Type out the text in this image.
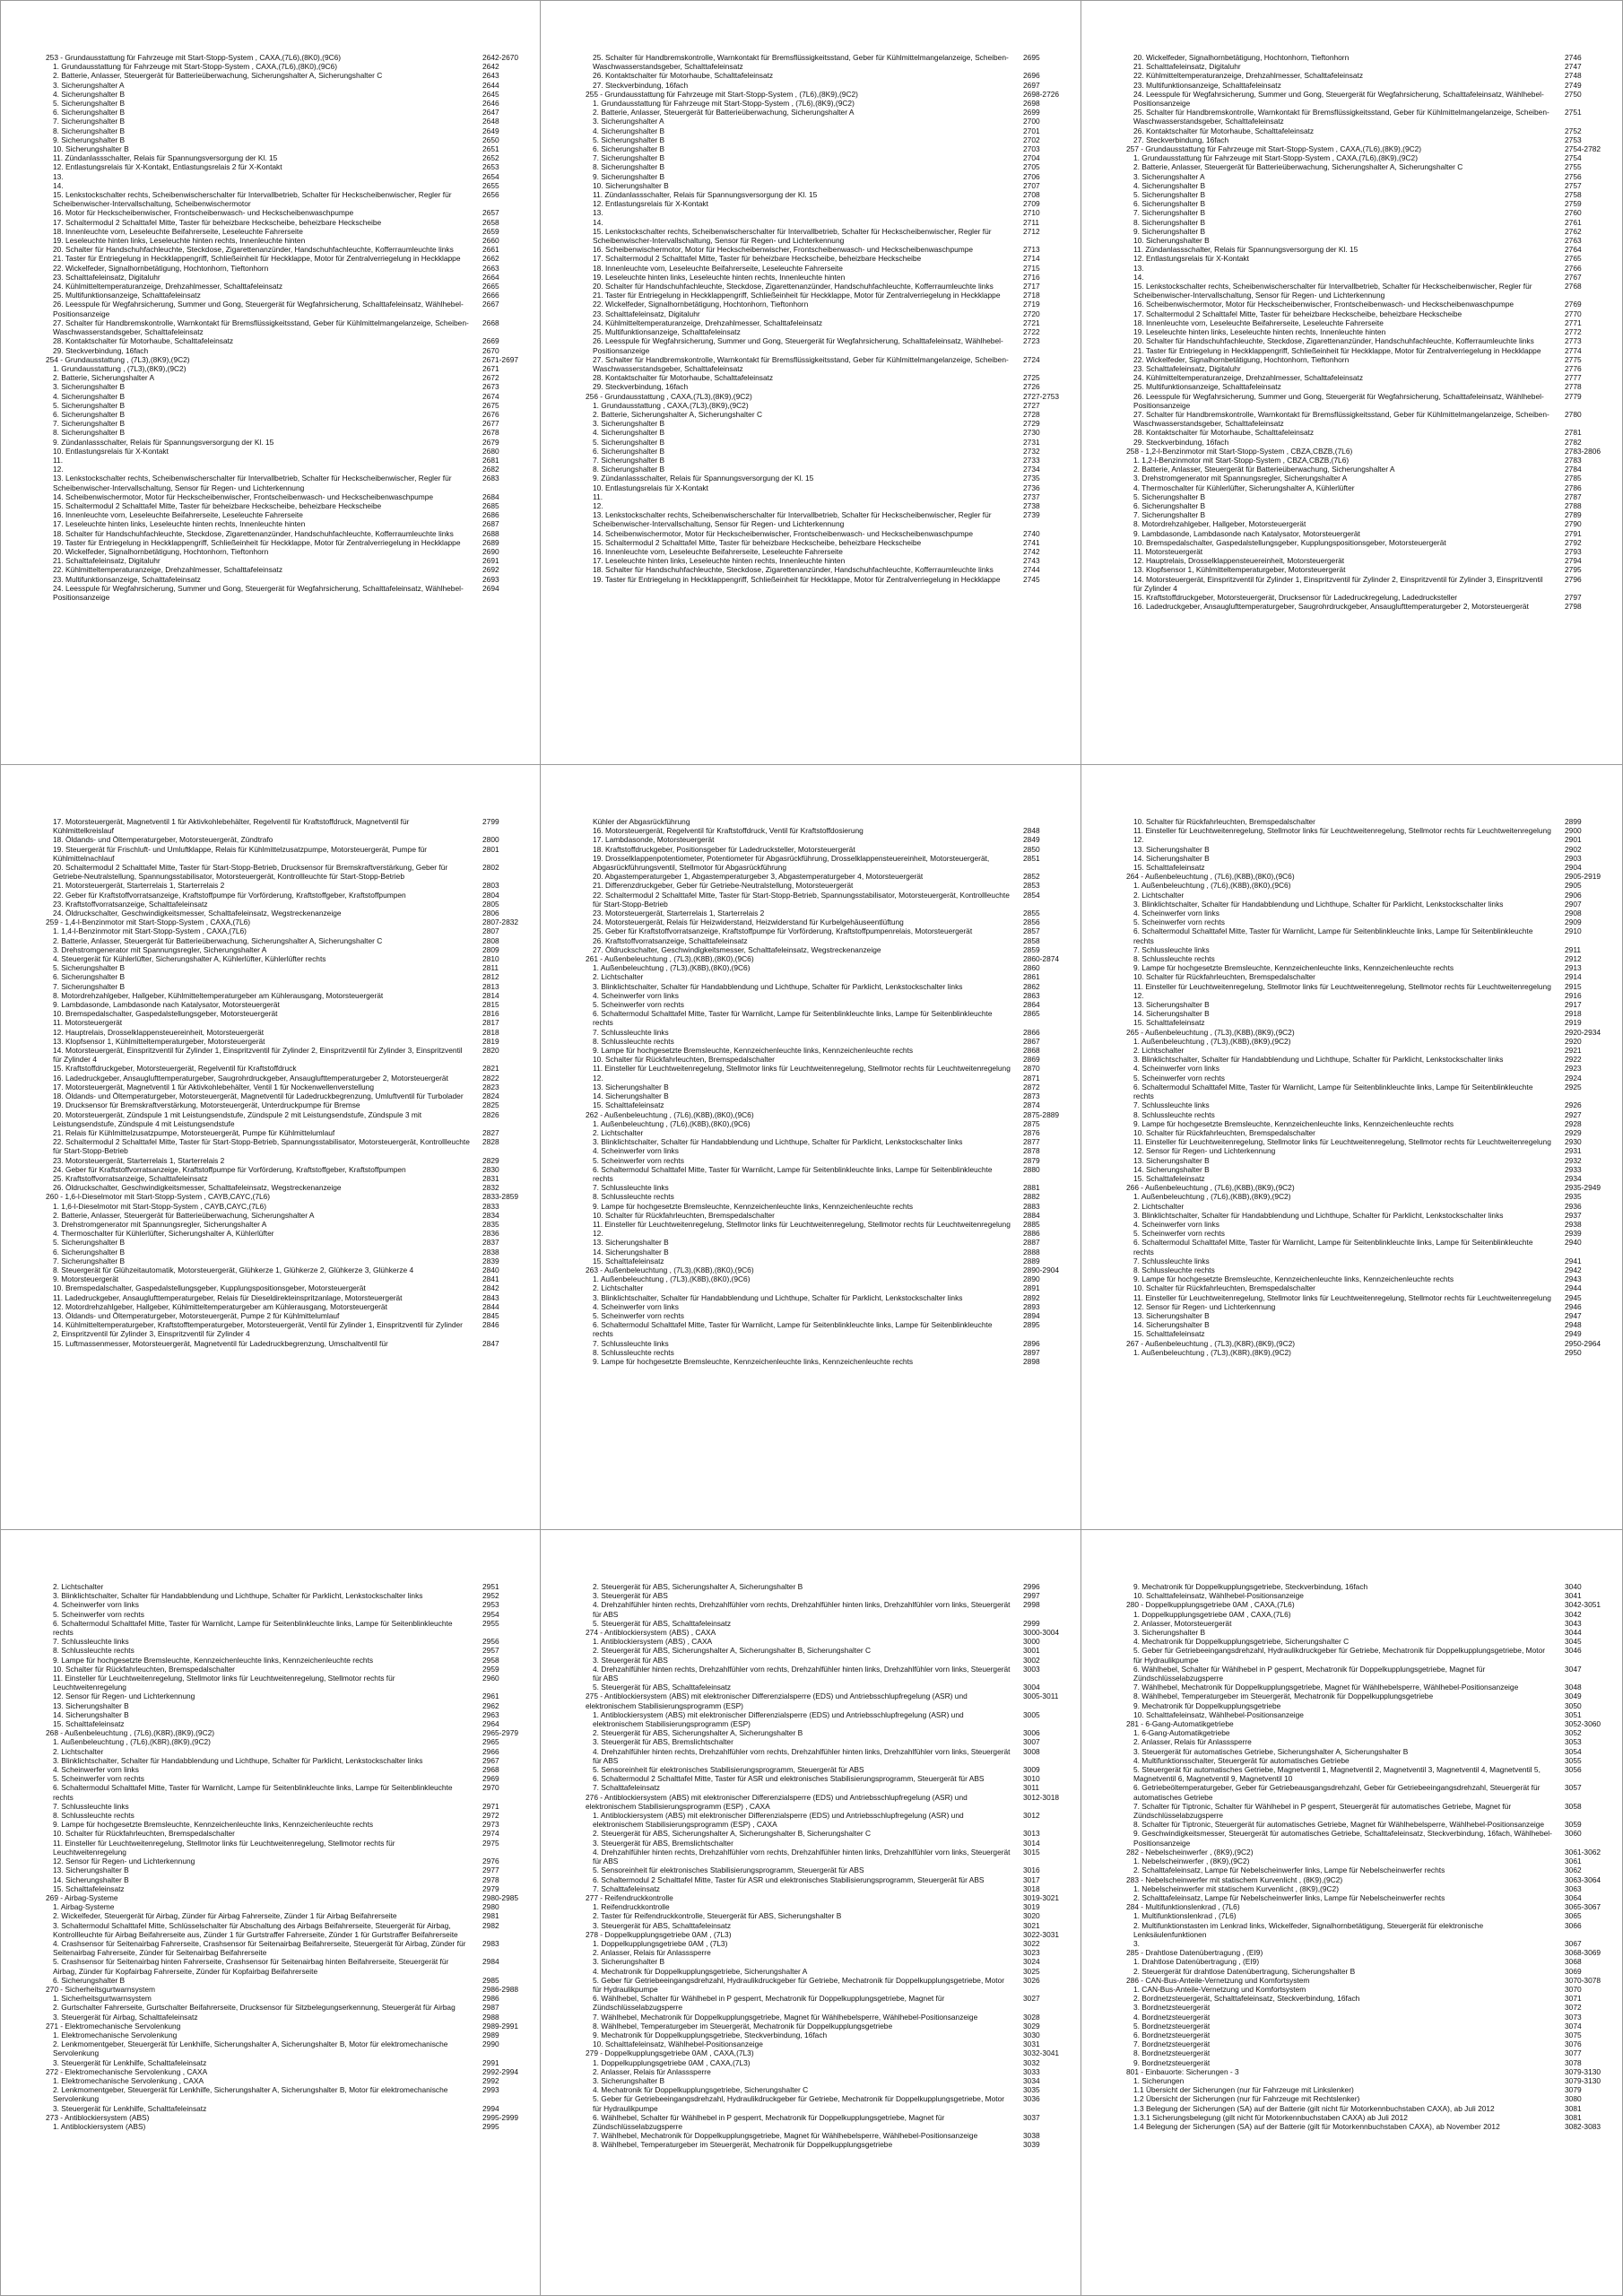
253 - Grundausstattung für Fahrzeuge mit Start-Stopp-System , CAXA,(7L6),(8K0),(9C6)	2642-2670
1. Grundausstattung für Fahrzeuge mit Start-Stopp-System , CAXA,(7L6),(8K0),(9C6)	2642
2. Batterie, Anlasser, Steuergerät für Batterieüberwachung, Sicherungshalter A, Sicherungshalter C	2643
3. Sicherungshalter A	2644
4. Sicherungshalter B	2645
5. Sicherungshalter B	2646
6. Sicherungshalter B	2647
7. Sicherungshalter B	2648
8. Sicherungshalter B	2649
9. Sicherungshalter B	2650
10. Sicherungshalter B	2651
11. Zündanlassschalter, Relais für Spannungsversorgung der Kl. 15	2652
12. Entlastungsrelais für X-Kontakt, Entlastungsrelais 2 für X-Kontakt	2653
13.	2654
14.	2655
15. Lenkstockschalter rechts, Scheibenwischerschalter für Intervallbetrieb, Schalter für Heckscheibenwischer, Regler für Scheibenwischer-Intervallschaltung, Scheibenwischermotor
2656
16. Motor für Heckscheibenwischer, Frontscheibenwasch- und Heckscheibenwaschpumpe	2657
17. Schaltermodul 2 Schalttafel Mitte, Taster für beheizbare Heckscheibe, beheizbare Heckscheibe	2658
18. Innenleuchte vorn, Leseleuchte Beifahrerseite, Leseleuchte Fahrerseite	2659
19. Leseleuchte hinten links, Leseleuchte hinten rechts, Innenleuchte hinten	2660
20. Schalter für Handschuhfachleuchte, Steckdose, Zigarettenanzünder, Handschuhfachleuchte, Kofferraumleuchte links	2661
21. Taster für Entriegelung in Heckklappengriff, Schließeinheit für Heckklappe, Motor für Zentralverriegelung in Heckklappe	2662
22. Wickelfeder, Signalhornbetätigung, Hochtonhorn, Tieftonhorn	2663
23. Schalttafeleinsatz, Digitaluhr	2664
24. Kühlmitteltemperaturanzeige, Drehzahlmesser, Schalttafeleinsatz	2665
25. Multifunktionsanzeige, Schalttafeleinsatz	2666
26. Leesspule für Wegfahrsicherung, Summer und Gong, Steuergerät für Wegfahrsicherung, Schalttafeleinsatz, Wählhebel-Positionsanzeige
2667
27. Schalter für Handbremskontrolle, Warnkontakt für Bremsflüssigkeitsstand, Geber für Kühlmittelmangelanzeige, Scheiben-Waschwasserstandsgeber, Schalttafeleinsatz
2668
28. Kontaktschalter für Motorhaube, Schalttafeleinsatz	2669
29. Steckverbindung, 16fach	2670
254 - Grundausstattung , (7L3),(8K9),(9C2)	2671-2697
1. Grundausstattung , (7L3),(8K9),(9C2)	2671
2. Batterie, Sicherungshalter A	2672
3. Sicherungshalter B	2673
4. Sicherungshalter B	2674
5. Sicherungshalter B	2675
6. Sicherungshalter B	2676
7. Sicherungshalter B	2677
8. Sicherungshalter B	2678
9. Zündanlassschalter, Relais für Spannungsversorgung der Kl. 15	2679
10. Entlastungsrelais für X-Kontakt	2680
11.	2681
12.	2682
13. Lenkstockschalter rechts, Scheibenwischerschalter für Intervallbetrieb, Schalter für Heckscheibenwischer, Regler für Scheibenwischer-Intervallschaltung, Sensor für Regen- und Lichterkennung
2683
14. Scheibenwischermotor, Motor für Heckscheibenwischer, Frontscheibenwasch- und Heckscheibenwaschpumpe	2684
15. Schaltermodul 2 Schalttafel Mitte, Taster für beheizbare Heckscheibe, beheizbare Heckscheibe	2685
16. Innenleuchte vorn, Leseleuchte Beifahrerseite, Leseleuchte Fahrerseite	2686
17. Leseleuchte hinten links, Leseleuchte hinten rechts, Innenleuchte hinten	2687
18. Schalter für Handschuhfachleuchte, Steckdose, Zigarettenanzünder, Handschuhfachleuchte, Kofferraumleuchte links	2688
19. Taster für Entriegelung in Heckklappengriff, Schließeinheit für Heckklappe, Motor für Zentralverriegelung in Heckklappe	2689
20. Wickelfeder, Signalhornbetätigung, Hochtonhorn, Tieftonhorn	2690
21. Schalttafeleinsatz, Digitaluhr	2691
22. Kühlmitteltemperaturanzeige, Drehzahlmesser, Schalttafeleinsatz	2692
23. Multifunktionsanzeige, Schalttafeleinsatz	2693
24. Leesspule für Wegfahrsicherung, Summer und Gong, Steuergerät für Wegfahrsicherung, Schalttafeleinsatz, Wählhebel-Positionsanzeige
2694
25. Schalter für Handbremskontrolle, Warnkontakt für Bremsflüssigkeitsstand, Geber für Kühlmittelmangelanzeige, Scheiben-Waschwasserstandsgeber, Schalttafeleinsatz
2695
26. Kontaktschalter für Motorhaube, Schalttafeleinsatz	2696
27. Steckverbindung, 16fach	2697
255 - Grundausstattung für Fahrzeuge mit Start-Stopp-System , (7L6),(8K9),(9C2)	2698-2726
1. Grundausstattung für Fahrzeuge mit Start-Stopp-System , (7L6),(8K9),(9C2)	2698
2. Batterie, Anlasser, Steuergerät für Batterieüberwachung, Sicherungshalter A	2699
3. Sicherungshalter A	2700
4. Sicherungshalter B	2701
5. Sicherungshalter B	2702
6. Sicherungshalter B	2703
7. Sicherungshalter B	2704
8. Sicherungshalter B	2705
9. Sicherungshalter B	2706
10. Sicherungshalter B	2707
11. Zündanlassschalter, Relais für Spannungsversorgung der Kl. 15	2708
12. Entlastungsrelais für X-Kontakt	2709
13.	2710
14.	2711
15. Lenkstockschalter rechts, Scheibenwischerschalter für Intervallbetrieb, Schalter für Heckscheibenwischer, Regler für Scheibenwischer-Intervallschaltung, Sensor für Regen- und Lichterkennung
2712
16. Scheibenwischermotor, Motor für Heckscheibenwischer, Frontscheibenwasch- und Heckscheibenwaschpumpe	2713
17. Schaltermodul 2 Schalttafel Mitte, Taster für beheizbare Heckscheibe, beheizbare Heckscheibe	2714
18. Innenleuchte vorn, Leseleuchte Beifahrerseite, Leseleuchte Fahrerseite	2715
19. Leseleuchte hinten links, Leseleuchte hinten rechts, Innenleuchte hinten	2716
20. Schalter für Handschuhfachleuchte, Steckdose, Zigarettenanzünder, Handschuhfachleuchte, Kofferraumleuchte links	2717
21. Taster für Entriegelung in Heckklappengriff, Schließeinheit für Heckklappe, Motor für Zentralverriegelung in Heckklappe	2718
22. Wickelfeder, Signalhornbetätigung, Hochtonhorn, Tieftonhorn	2719
23. Schalttafeleinsatz, Digitaluhr	2720
24. Kühlmitteltemperaturanzeige, Drehzahlmesser, Schalttafeleinsatz	2721
25. Multifunktionsanzeige, Schalttafeleinsatz	2722
26. Leesspule für Wegfahrsicherung, Summer und Gong, Steuergerät für Wegfahrsicherung, Schalttafeleinsatz, Wählhebel-Positionsanzeige
2723
27. Schalter für Handbremskontrolle, Warnkontakt für Bremsflüssigkeitsstand, Geber für Kühlmittelmangelanzeige, Scheiben-Waschwasserstandsgeber, Schalttafeleinsatz
2724
28. Kontaktschalter für Motorhaube, Schalttafeleinsatz	2725
29. Steckverbindung, 16fach	2726
256 - Grundausstattung , CAXA,(7L3),(8K9),(9C2)	2727-2753
1. Grundausstattung , CAXA,(7L3),(8K9),(9C2)	2727
2. Batterie, Sicherungshalter A, Sicherungshalter C	2728
3. Sicherungshalter B	2729
4. Sicherungshalter B	2730
5. Sicherungshalter B	2731
6. Sicherungshalter B	2732
7. Sicherungshalter B	2733
8. Sicherungshalter B	2734
9. Zündanlassschalter, Relais für Spannungsversorgung der Kl. 15	2735
10. Entlastungsrelais für X-Kontakt	2736
11.	2737
12.	2738
13. Lenkstockschalter rechts, Scheibenwischerschalter für Intervallbetrieb, Schalter für Heckscheibenwischer, Regler für Scheibenwischer-Intervallschaltung, Sensor für Regen- und Lichterkennung
2739
14. Scheibenwischermotor, Motor für Heckscheibenwischer, Frontscheibenwasch- und Heckscheibenwaschpumpe	2740
15. Schaltermodul 2 Schalttafel Mitte, Taster für beheizbare Heckscheibe, beheizbare Heckscheibe	2741
16. Innenleuchte vorn, Leseleuchte Beifahrerseite, Leseleuchte Fahrerseite	2742
17. Leseleuchte hinten links, Leseleuchte hinten rechts, Innenleuchte hinten	2743
18. Schalter für Handschuhfachleuchte, Steckdose, Zigarettenanzünder, Handschuhfachleuchte, Kofferraumleuchte links	2744
19. Taster für Entriegelung in Heckklappengriff, Schließeinheit für Heckklappe, Motor für Zentralverriegelung in Heckklappe	2745
20. Wickelfeder, Signalhornbetätigung, Hochtonhorn, Tieftonhorn	2746
21. Schalttafeleinsatz, Digitaluhr	2747
22. Kühlmitteltemperaturanzeige, Drehzahlmesser, Schalttafeleinsatz	2748
23. Multifunktionsanzeige, Schalttafeleinsatz	2749
24. Leesspule für Wegfahrsicherung, Summer und Gong, Steuergerät für Wegfahrsicherung, Schalttafeleinsatz, Wählhebel-Positionsanzeige
2750
25. Schalter für Handbremskontrolle, Warnkontakt für Bremsflüssigkeitsstand, Geber für Kühlmittelmangelanzeige, Scheiben-Waschwasserstandsgeber, Schalttafeleinsatz
2751
26. Kontaktschalter für Motorhaube, Schalttafeleinsatz	2752
27. Steckverbindung, 16fach	2753
257 - Grundausstattung für Fahrzeuge mit Start-Stopp-System , CAXA,(7L6),(8K9),(9C2)	2754-2782
1. Grundausstattung für Fahrzeuge mit Start-Stopp-System , CAXA,(7L6),(8K9),(9C2)	2754
2. Batterie, Anlasser, Steuergerät für Batterieüberwachung, Sicherungshalter A, Sicherungshalter C	2755
3. Sicherungshalter A	2756
4. Sicherungshalter B	2757
5. Sicherungshalter B	2758
6. Sicherungshalter B	2759
7. Sicherungshalter B	2760
8. Sicherungshalter B	2761
9. Sicherungshalter B	2762
10. Sicherungshalter B	2763
11. Zündanlassschalter, Relais für Spannungsversorgung der Kl. 15	2764
12. Entlastungsrelais für X-Kontakt	2765
13.	2766
14.	2767
15. Lenkstockschalter rechts, Scheibenwischerschalter für Intervallbetrieb, Schalter für Heckscheibenwischer, Regler für Scheibenwischer-Intervallschaltung, Sensor für Regen- und Lichterkennung
2768
16. Scheibenwischermotor, Motor für Heckscheibenwischer, Frontscheibenwasch- und Heckscheibenwaschpumpe	2769
17. Schaltermodul 2 Schalttafel Mitte, Taster für beheizbare Heckscheibe, beheizbare Heckscheibe	2770
18. Innenleuchte vorn, Leseleuchte Beifahrerseite, Leseleuchte Fahrerseite	2771
19. Leseleuchte hinten links, Leseleuchte hinten rechts, Innenleuchte hinten	2772
20. Schalter für Handschuhfachleuchte, Steckdose, Zigarettenanzünder, Handschuhfachleuchte, Kofferraumleuchte links	2773
21. Taster für Entriegelung in Heckklappengriff, Schließeinheit für Heckklappe, Motor für Zentralverriegelung in Heckklappe	2774
22. Wickelfeder, Signalhornbetätigung, Hochtonhorn, Tieftonhorn	2775
23. Schalttafeleinsatz, Digitaluhr	2776
24. Kühlmitteltemperaturanzeige, Drehzahlmesser, Schalttafeleinsatz	2777
25. Multifunktionsanzeige, Schalttafeleinsatz	2778
26. Leesspule für Wegfahrsicherung, Summer und Gong, Steuergerät für Wegfahrsicherung, Schalttafeleinsatz, Wählhebel-Positionsanzeige
2779
27. Schalter für Handbremskontrolle, Warnkontakt für Bremsflüssigkeitsstand, Geber für Kühlmittelmangelanzeige, Scheiben-Waschwasserstandsgeber, Schalttafeleinsatz
2780
28. Kontaktschalter für Motorhaube, Schalttafeleinsatz	2781
29. Steckverbindung, 16fach	2782
258 - 1,2-l-Benzinmotor mit Start-Stopp-System , CBZA,CBZB,(7L6)	2783-2806
1. 1,2-l-Benzinmotor mit Start-Stopp-System , CBZA,CBZB,(7L6)	2783
2. Batterie, Anlasser, Steuergerät für Batterieüberwachung, Sicherungshalter A	2784
3. Drehstromgenerator mit Spannungsregler, Sicherungshalter A	2785
4. Thermoschalter für Kühlerlüfter, Sicherungshalter A, Kühlerlüfter	2786
5. Sicherungshalter B	2787
6. Sicherungshalter B	2788
7. Sicherungshalter B	2789
8. Motordrehzahlgeber, Hallgeber, Motorsteuergerät	2790
9. Lambdasonde, Lambdasonde nach Katalysator, Motorsteuergerät	2791
10. Bremspedalschalter, Gaspedalstellungsgeber, Kupplungspositionsgeber, Motorsteuergerät	2792
11. Motorsteuergerät	2793
12. Hauptrelais, Drosselklappensteuereinheit, Motorsteuergerät	2794
13. Klopfsensor 1, Kühlmitteltemperaturgeber, Motorsteuergerät	2795
14. Motorsteuergerät, Einspritzventil für Zylinder 1, Einspritzventil für Zylinder 2, Einspritzventil für Zylinder 3, Einspritzventil für Zylinder 4
2796
15. Kraftstoffdruckgeber, Motorsteuergerät, Drucksensor für Ladedruckregelung, Ladedrucksteller	2797
16. Ladedruckgeber, Ansauglufttemperaturgeber, Saugrohrdruckgeber, Ansauglufttemperaturgeber 2, Motorsteuergerät	2798
17. Motorsteuergerät, Magnetventil 1 für Aktivkohlebehälter, Regelventil für Kraftstoffdruck, Magnetventil für Kühlmittelkreislauf
2799
18. Öldands- und Öltemperaturgeber, Motorsteuergerät, Zündtrafo	2800
19. Steuergerät für Frischluft- und Umluftklappe, Relais für Kühlmittelzusatzpumpe, Motorsteuergerät, Pumpe für Kühlmittelnachlauf
2801
20. Schaltermodul 2 Schalttafel Mitte, Taster für Start-Stopp-Betrieb, Drucksensor für Bremskraftverstärkung, Geber für Getriebe-Neutralstellung, Spannungsstabilisator, Motorsteuergerät, Kontrollleuchte für Start-Stopp-Betrieb
2802
21. Motorsteuergerät, Starterrelais 1, Starterrelais 2	2803
22. Geber für Kraftstoffvorratsanzeige, Kraftstoffpumpe für Vorförderung, Kraftstoffgeber, Kraftstoffpumpen	2804
23. Kraftstoffvorratsanzeige, Schalttafeleinsatz	2805
24. Öldruckschalter, Geschwindigkeitsmesser, Schalttafeleinsatz, Wegstreckenanzeige	2806
259 - 1,4-l-Benzinmotor mit Start-Stopp-System , CAXA,(7L6)	2807-2832
1. 1,4-l-Benzinmotor mit Start-Stopp-System , CAXA,(7L6)	2807
2. Batterie, Anlasser, Steuergerät für Batterieüberwachung, Sicherungshalter A, Sicherungshalter C	2808
3. Drehstromgenerator mit Spannungsregler, Sicherungshalter A	2809
4. Steuergerät für Kühlerlüfter, Sicherungshalter A, Kühlerlüfter, Kühlerlüfter rechts	2810
5. Sicherungshalter B	2811
6. Sicherungshalter B	2812
7. Sicherungshalter B	2813
8. Motordrehzahlgeber, Hallgeber, Kühlmitteltemperaturgeber am Kühlerausgang, Motorsteuergerät	2814
9. Lambdasonde, Lambdasonde nach Katalysator, Motorsteuergerät	2815
10. Bremspedalschalter, Gaspedalstellungsgeber, Motorsteuergerät	2816
11. Motorsteuergerät	2817
12. Hauptrelais, Drosselklappensteuereinheit, Motorsteuergerät	2818
13. Klopfsensor 1, Kühlmitteltemperaturgeber, Motorsteuergerät	2819
14. Motorsteuergerät, Einspritzventil für Zylinder 1, Einspritzventil für Zylinder 2, Einspritzventil für Zylinder 3, Einspritzventil für Zylinder 4
2820
15. Kraftstoffdruckgeber, Motorsteuergerät, Regelventil für Kraftstoffdruck	2821
16. Ladedruckgeber, Ansauglufttemperaturgeber, Saugrohrdruckgeber, Ansauglufttemperaturgeber 2, Motorsteuergerät	2822
17. Motorsteuergerät, Magnetventil 1 für Aktivkohlebehälter, Ventil 1 für Nockenwellenverstellung	2823
18. Öldands- und Öltemperaturgeber, Motorsteuergerät, Magnetventil für Ladedruckbegrenzung, Umluftventil für Turbolader	2824
19. Drucksensor für Bremskraftverstärkung, Motorsteuergerät, Unterdruckpumpe für Bremse	2825
20. Motorsteuergerät, Zündspule 1 mit Leistungsendstufe, Zündspule 2 mit Leistungsendstufe, Zündspule 3 mit Leistungsendstufe, Zündspule 4 mit Leistungsendstufe
2826
21. Relais für Kühlmittelzusatzpumpe, Motorsteuergerät, Pumpe für Kühlmittelumlauf	2827
22. Schaltermodul 2 Schalttafel Mitte, Taster für Start-Stopp-Betrieb, Spannungsstabilisator, Motorsteuergerät, Kontrollleuchte für Start-Stopp-Betrieb
2828
23. Motorsteuergerät, Starterrelais 1, Starterrelais 2	2829
24. Geber für Kraftstoffvorratsanzeige, Kraftstoffpumpe für Vorförderung, Kraftstoffgeber, Kraftstoffpumpen	2830
25. Kraftstoffvorratsanzeige, Schalttafeleinsatz	2831
26. Öldruckschalter, Geschwindigkeitsmesser, Schalttafeleinsatz, Wegstreckenanzeige	2832
260 - 1,6-l-Dieselmotor mit Start-Stopp-System , CAYB,CAYC,(7L6)	2833-2859
1. 1,6-l-Dieselmotor mit Start-Stopp-System , CAYB,CAYC,(7L6)	2833
2. Batterie, Anlasser, Steuergerät für Batterieüberwachung, Sicherungshalter A	2834
3. Drehstromgenerator mit Spannungsregler, Sicherungshalter A	2835
4. Thermoschalter für Kühlerlüfter, Sicherungshalter A, Kühlerlüfter	2836
5. Sicherungshalter B	2837
6. Sicherungshalter B	2838
7. Sicherungshalter B	2839
8. Steuergerät für Glühzeitautomatik, Motorsteuergerät, Glühkerze 1, Glühkerze 2, Glühkerze 3, Glühkerze 4	2840
9. Motorsteuergerät	2841
10. Bremspedalschalter, Gaspedalstellungsgeber, Kupplungspositionsgeber, Motorsteuergerät	2842
11. Ladedruckgeber, Ansauglufttemperaturgeber, Relais für Dieseldirekteinspritzanlage, Motorsteuergerät	2843
12. Motordrehzahlgeber, Hallgeber, Kühlmitteltemperaturgeber am Kühlerausgang, Motorsteuergerät	2844
13. Öldands- und Öltemperaturgeber, Motorsteuergerät, Pumpe 2 für Kühlmittelumlauf	2845
14. Kühlmitteltemperaturgeber, Kraftstofftemperaturgeber, Motorsteuergerät, Ventil für Zylinder 1, Einspritzventil für Zylinder 2, Einspritzventil für Zylinder 3, Einspritzventil für Zylinder 4
2846
15. Luftmassenmesser, Motorsteuergerät, Magnetventil für Ladedruckbegrenzung, Umschaltventil für	2847
Kühler der Abgasrückführung
16. Motorsteuergerät, Regelventil für Kraftstoffdruck, Ventil für Kraftstoffdosierung	2848
17. Lambdasonde, Motorsteuergerät	2849
18. Kraftstoffdruckgeber, Positionsgeber für Ladedrucksteller, Motorsteuergerät	2850
19. Drosselklappenpotentiometer, Potentiometer für Abgasrückführung, Drosselklappensteuereinheit, Motorsteuergerät, Abgasrückführungsventil, Stellmotor für Abgasrückführung
2851
20. Abgastemperaturgeber 1, Abgastemperaturgeber 3, Abgastemperaturgeber 4, Motorsteuergerät	2852
21. Differenzdruckgeber, Geber für Getriebe-Neutralstellung, Motorsteuergerät	2853
22. Schaltermodul 2 Schalttafel Mitte, Taster für Start-Stopp-Betrieb, Spannungsstabilisator, Motorsteuergerät, Kontrollleuchte für Start-Stopp-Betrieb
2854
23. Motorsteuergerät, Starterrelais 1, Starterrelais 2	2855
24. Motorsteuergerät, Relais für Heizwiderstand, Heizwiderstand für Kurbelgehäuseentlüftung	2856
25. Geber für Kraftstoffvorratsanzeige, Kraftstoffpumpe für Vorförderung, Kraftstoffpumpenrelais, Motorsteuergerät	2857
26. Kraftstoffvorratsanzeige, Schalttafeleinsatz	2858
27. Öldruckschalter, Geschwindigkeitsmesser, Schalttafeleinsatz, Wegstreckenanzeige	2859
261 - Außenbeleuchtung , (7L3),(K8B),(8K0),(9C6)	2860-2874
1. Außenbeleuchtung , (7L3),(K8B),(8K0),(9C6)	2860
2. Lichtschalter	2861
3. Blinklichtschalter, Schalter für Handabblendung und Lichthupe, Schalter für Parklicht, Lenkstockschalter links	2862
4. Scheinwerfer vorn links	2863
5. Scheinwerfer vorn rechts	2864
6. Schaltermodul Schalttafel Mitte, Taster für Warnlicht, Lampe für Seitenblinkleuchte links, Lampe für Seitenblinkleuchte rechts
2865
7. Schlussleuchte links	2866
8. Schlussleuchte rechts	2867
9. Lampe für hochgesetzte Bremsleuchte, Kennzeichenleuchte links, Kennzeichenleuchte rechts	2868
10. Schalter für Rückfahrleuchten, Bremspedalschalter	2869
11. Einsteller für Leuchtweitenregelung, Stellmotor links für Leuchtweitenregelung, Stellmotor rechts für Leuchtweitenregelung	2870
12.	2871
13. Sicherungshalter B	2872
14. Sicherungshalter B	2873
15. Schalttafeleinsatz	2874
262 - Außenbeleuchtung , (7L6),(K8B),(8K0),(9C6)	2875-2889
1. Außenbeleuchtung , (7L6),(K8B),(8K0),(9C6)	2875
2. Lichtschalter	2876
3. Blinklichtschalter, Schalter für Handabblendung und Lichthupe, Schalter für Parklicht, Lenkstockschalter links	2877
4. Scheinwerfer vorn links	2878
5. Scheinwerfer vorn rechts	2879
6. Schaltermodul Schalttafel Mitte, Taster für Warnlicht, Lampe für Seitenblinkleuchte links, Lampe für Seitenblinkleuchte rechts
2880
7. Schlussleuchte links	2881
8. Schlussleuchte rechts	2882
9. Lampe für hochgesetzte Bremsleuchte, Kennzeichenleuchte links, Kennzeichenleuchte rechts	2883
10. Schalter für Rückfahrleuchten, Bremspedalschalter	2884
11. Einsteller für Leuchtweitenregelung, Stellmotor links für Leuchtweitenregelung, Stellmotor rechts für Leuchtweitenregelung	2885
12.	2886
13. Sicherungshalter B	2887
14. Sicherungshalter B	2888
15. Schalttafeleinsatz	2889
263 - Außenbeleuchtung , (7L3),(K8B),(8K0),(9C6)	2890-2904
1. Außenbeleuchtung , (7L3),(K8B),(8K0),(9C6)	2890
2. Lichtschalter	2891
3. Blinklichtschalter, Schalter für Handabblendung und Lichthupe, Schalter für Parklicht, Lenkstockschalter links	2892
4. Scheinwerfer vorn links	2893
5. Scheinwerfer vorn rechts	2894
6. Schaltermodul Schalttafel Mitte, Taster für Warnlicht, Lampe für Seitenblinkleuchte links, Lampe für Seitenblinkleuchte rechts
2895
7. Schlussleuchte links	2896
8. Schlussleuchte rechts	2897
9. Lampe für hochgesetzte Bremsleuchte, Kennzeichenleuchte links, Kennzeichenleuchte rechts	2898
10. Schalter für Rückfahrleuchten, Bremspedalschalter	2899
11. Einsteller für Leuchtweitenregelung, Stellmotor links für Leuchtweitenregelung, Stellmotor rechts für Leuchtweitenregelung	2900
12.	2901
13. Sicherungshalter B	2902
14. Sicherungshalter B	2903
15. Schalttafeleinsatz	2904
264 - Außenbeleuchtung , (7L6),(K8B),(8K0),(9C6)	2905-2919
1. Außenbeleuchtung , (7L6),(K8B),(8K0),(9C6)	2905
2. Lichtschalter	2906
3. Blinklichtschalter, Schalter für Handabblendung und Lichthupe, Schalter für Parklicht, Lenkstockschalter links	2907
4. Scheinwerfer vorn links	2908
5. Scheinwerfer vorn rechts	2909
6. Schaltermodul Schalttafel Mitte, Taster für Warnlicht, Lampe für Seitenblinkleuchte links, Lampe für Seitenblinkleuchte rechts
2910
7. Schlussleuchte links	2911
8. Schlussleuchte rechts	2912
9. Lampe für hochgesetzte Bremsleuchte, Kennzeichenleuchte links, Kennzeichenleuchte rechts	2913
10. Schalter für Rückfahrleuchten, Bremspedalschalter	2914
11. Einsteller für Leuchtweitenregelung, Stellmotor links für Leuchtweitenregelung, Stellmotor rechts für Leuchtweitenregelung	2915
12.	2916
13. Sicherungshalter B	2917
14. Sicherungshalter B	2918
15. Schalttafeleinsatz	2919
265 - Außenbeleuchtung , (7L3),(K8B),(8K9),(9C2)	2920-2934
1. Außenbeleuchtung , (7L3),(K8B),(8K9),(9C2)	2920
2. Lichtschalter	2921
3. Blinklichtschalter, Schalter für Handabblendung und Lichthupe, Schalter für Parklicht, Lenkstockschalter links	2922
4. Scheinwerfer vorn links	2923
5. Scheinwerfer vorn rechts	2924
6. Schaltermodul Schalttafel Mitte, Taster für Warnlicht, Lampe für Seitenblinkleuchte links, Lampe für Seitenblinkleuchte rechts
2925
7. Schlussleuchte links	2926
8. Schlussleuchte rechts	2927
9. Lampe für hochgesetzte Bremsleuchte, Kennzeichenleuchte links, Kennzeichenleuchte rechts	2928
10. Schalter für Rückfahrleuchten, Bremspedalschalter	2929
11. Einsteller für Leuchtweitenregelung, Stellmotor links für Leuchtweitenregelung, Stellmotor rechts für Leuchtweitenregelung	2930
12. Sensor für Regen- und Lichterkennung	2931
13. Sicherungshalter B	2932
14. Sicherungshalter B	2933
15. Schalttafeleinsatz	2934
266 - Außenbeleuchtung , (7L6),(K8B),(8K9),(9C2)	2935-2949
1. Außenbeleuchtung , (7L6),(K8B),(8K9),(9C2)	2935
2. Lichtschalter	2936
3. Blinklichtschalter, Schalter für Handabblendung und Lichthupe, Schalter für Parklicht, Lenkstockschalter links	2937
4. Scheinwerfer vorn links	2938
5. Scheinwerfer vorn rechts	2939
6. Schaltermodul Schalttafel Mitte, Taster für Warnlicht, Lampe für Seitenblinkleuchte links, Lampe für Seitenblinkleuchte rechts
2940
7. Schlussleuchte links	2941
8. Schlussleuchte rechts	2942
9. Lampe für hochgesetzte Bremsleuchte, Kennzeichenleuchte links, Kennzeichenleuchte rechts	2943
10. Schalter für Rückfahrleuchten, Bremspedalschalter	2944
11. Einsteller für Leuchtweitenregelung, Stellmotor links für Leuchtweitenregelung, Stellmotor rechts für Leuchtweitenregelung	2945
12. Sensor für Regen- und Lichterkennung	2946
13. Sicherungshalter B	2947
14. Sicherungshalter B	2948
15. Schalttafeleinsatz	2949
267 - Außenbeleuchtung , (7L3),(K8R),(8K9),(9C2)	2950-2964
1. Außenbeleuchtung , (7L3),(K8R),(8K9),(9C2)	2950
2. Lichtschalter	2951
3. Blinklichtschalter, Schalter für Handabblendung und Lichthupe, Schalter für Parklicht, Lenkstockschalter links	2952
4. Scheinwerfer vorn links	2953
5. Scheinwerfer vorn rechts	2954
6. Schaltermodul Schalttafel Mitte, Taster für Warnlicht, Lampe für Seitenblinkleuchte links, Lampe für Seitenblinkleuchte rechts
2955
7. Schlussleuchte links	2956
8. Schlussleuchte rechts	2957
9. Lampe für hochgesetzte Bremsleuchte, Kennzeichenleuchte links, Kennzeichenleuchte rechts	2958
10. Schalter für Rückfahrleuchten, Bremspedalschalter	2959
11. Einsteller für Leuchtweitenregelung, Stellmotor links für Leuchtweitenregelung, Stellmotor rechts für Leuchtweitenregelung
2960
12. Sensor für Regen- und Lichterkennung	2961
13. Sicherungshalter B	2962
14. Sicherungshalter B	2963
15. Schalttafeleinsatz	2964
268 - Außenbeleuchtung , (7L6),(K8R),(8K9),(9C2)	2965-2979
1. Außenbeleuchtung , (7L6),(K8R),(8K9),(9C2)	2965
2. Lichtschalter	2966
3. Blinklichtschalter, Schalter für Handabblendung und Lichthupe, Schalter für Parklicht, Lenkstockschalter links	2967
4. Scheinwerfer vorn links	2968
5. Scheinwerfer vorn rechts	2969
6. Schaltermodul Schalttafel Mitte, Taster für Warnlicht, Lampe für Seitenblinkleuchte links, Lampe für Seitenblinkleuchte rechts
2970
7. Schlussleuchte links	2971
8. Schlussleuchte rechts	2972
9. Lampe für hochgesetzte Bremsleuchte, Kennzeichenleuchte links, Kennzeichenleuchte rechts	2973
10. Schalter für Rückfahrleuchten, Bremspedalschalter	2974
11. Einsteller für Leuchtweitenregelung, Stellmotor links für Leuchtweitenregelung, Stellmotor rechts für Leuchtweitenregelung
2975
12. Sensor für Regen- und Lichterkennung	2976
13. Sicherungshalter B	2977
14. Sicherungshalter B	2978
15. Schalttafeleinsatz	2979
269 - Airbag-Systeme	2980-2985
1. Airbag-Systeme	2980
2. Wickelfeder, Steuergerät für Airbag, Zünder für Airbag Fahrerseite, Zünder 1 für Airbag Beifahrerseite	2981
3. Schaltermodul Schalttafel Mitte, Schlüsselschalter für Abschaltung des Airbags Beifahrerseite, Steuergerät für Airbag, Kontrollleuchte für Airbag Beifahrerseite aus, Zünder 1 für Gurtstraffer Fahrerseite, Zünder 1 für Gurtstraffer Beifahrerseite
2982
4. Crashsensor für Seitenairbag Fahrerseite, Crashsensor für Seitenairbag Beifahrerseite, Steuergerät für Airbag, Zünder für Seitenairbag Fahrerseite, Zünder für Seitenairbag Beifahrerseite
2983
5. Crashsensor für Seitenairbag hinten Fahrerseite, Crashsensor für Seitenairbag hinten Beifahrerseite, Steuergerät für Airbag, Zünder für Kopfairbag Fahrerseite, Zünder für Kopfairbag Beifahrerseite
2984
6. Sicherungshalter B	2985
270 - Sicherheitsgurtwarnsystem	2986-2988
1. Sicherheitsgurtwarnsystem	2986
2. Gurtschalter Fahrerseite, Gurtschalter Beifahrerseite, Drucksensor für Sitzbelegungserkennung, Steuergerät für Airbag	2987
3. Steuergerät für Airbag, Schalttafeleinsatz	2988
271 - Elektromechanische Servolenkung	2989-2991
1. Elektromechanische Servolenkung	2989
2. Lenkmomentgeber, Steuergerät für Lenkhilfe, Sicherungshalter A, Sicherungshalter B, Motor für elektromechanische Servolenkung
2990
3. Steuergerät für Lenkhilfe, Schalttafeleinsatz	2991
272 - Elektromechanische Servolenkung , CAXA	2992-2994
1. Elektromechanische Servolenkung , CAXA	2992
2. Lenkmomentgeber, Steuergerät für Lenkhilfe, Sicherungshalter A, Sicherungshalter B, Motor für elektromechanische Servolenkung
2993
3. Steuergerät für Lenkhilfe, Schalttafeleinsatz	2994
273 - Antiblockiersystem (ABS)	2995-2999
1. Antiblockiersystem (ABS)	2995
2. Steuergerät für ABS, Sicherungshalter A, Sicherungshalter B	2996
3. Steuergerät für ABS	2997
4. Drehzahlfühler hinten rechts, Drehzahlfühler vorn rechts, Drehzahlfühler hinten links, Drehzahlfühler vorn links, Steuergerät für ABS
2998
5. Steuergerät für ABS, Schalttafeleinsatz	2999
274 - Antiblockiersystem (ABS) , CAXA	3000-3004
1. Antiblockiersystem (ABS) , CAXA	3000
2. Steuergerät für ABS, Sicherungshalter A, Sicherungshalter B, Sicherungshalter C	3001
3. Steuergerät für ABS	3002
4. Drehzahlfühler hinten rechts, Drehzahlfühler vorn rechts, Drehzahlfühler hinten links, Drehzahlfühler vorn links, Steuergerät für ABS
3003
5. Steuergerät für ABS, Schalttafeleinsatz	3004
275 - Antiblockiersystem (ABS) mit elektronischer Differenzialsperre (EDS) und Antriebsschlupfregelung (ASR) und elektronischem Stabilisierungsprogramm (ESP)
3005-3011
1. Antiblockiersystem (ABS) mit elektronischer Differenzialsperre (EDS) und Antriebsschlupfregelung (ASR) und elektronischem Stabilisierungsprogramm (ESP)
3005
2. Steuergerät für ABS, Sicherungshalter A, Sicherungshalter B	3006
3. Steuergerät für ABS, Bremslichtschalter	3007
4. Drehzahlfühler hinten rechts, Drehzahlfühler vorn rechts, Drehzahlfühler hinten links, Drehzahlfühler vorn links, Steuergerät für ABS
3008
5. Sensoreinheit für elektronisches Stabilisierungsprogramm, Steuergerät für ABS	3009
6. Schaltermodul 2 Schalttafel Mitte, Taster für ASR und elektronisches Stabilisierungsprogramm, Steuergerät für ABS	3010
7. Schalttafeleinsatz	3011
276 - Antiblockiersystem (ABS) mit elektronischer Differenzialsperre (EDS) und Antriebsschlupfregelung (ASR) und elektronischem Stabilisierungsprogramm (ESP) , CAXA
3012-3018
1. Antiblockiersystem (ABS) mit elektronischer Differenzialsperre (EDS) und Antriebsschlupfregelung (ASR) und elektronischem Stabilisierungsprogramm (ESP) , CAXA
3012
2. Steuergerät für ABS, Sicherungshalter A, Sicherungshalter B, Sicherungshalter C	3013
3. Steuergerät für ABS, Bremslichtschalter	3014
4. Drehzahlfühler hinten rechts, Drehzahlfühler vorn rechts, Drehzahlfühler hinten links, Drehzahlfühler vorn links, Steuergerät für ABS
3015
5. Sensoreinheit für elektronisches Stabilisierungsprogramm, Steuergerät für ABS	3016
6. Schaltermodul 2 Schalttafel Mitte, Taster für ASR und elektronisches Stabilisierungsprogramm, Steuergerät für ABS	3017
7. Schalttafeleinsatz	3018
277 - Reifendruckkontrolle	3019-3021
1. Reifendruckkontrolle	3019
2. Taster für Reifendruckkontrolle, Steuergerät für ABS, Sicherungshalter B	3020
3. Steuergerät für ABS, Schalttafeleinsatz	3021
278 - Doppelkupplungsgetriebe 0AM , (7L3)	3022-3031
1. Doppelkupplungsgetriebe 0AM , (7L3)	3022
2. Anlasser, Relais für Anlasssperre	3023
3. Sicherungshalter B	3024
4. Mechatronik für Doppelkupplungsgetriebe, Sicherungshalter A	3025
5. Geber für Getriebeeingangsdrehzahl, Hydraulikdruckgeber für Getriebe, Mechatronik für Doppelkupplungsgetriebe, Motor für Hydraulikpumpe
3026
6. Wählhebel, Schalter für Wählhebel in P gesperrt, Mechatronik für Doppelkupplungsgetriebe, Magnet für Zündschlüsselabzugsperre
3027
7. Wählhebel, Mechatronik für Doppelkupplungsgetriebe, Magnet für Wählhebelsperre, Wählhebel-Positionsanzeige	3028
8. Wählhebel, Temperaturgeber im Steuergerät, Mechatronik für Doppelkupplungsgetriebe	3029
9. Mechatronik für Doppelkupplungsgetriebe, Steckverbindung, 16fach	3030
10. Schalttafeleinsatz, Wählhebel-Positionsanzeige	3031
279 - Doppelkupplungsgetriebe 0AM , CAXA,(7L3)	3032-3041
1. Doppelkupplungsgetriebe 0AM , CAXA,(7L3)	3032
2. Anlasser, Relais für Anlasssperre	3033
3. Sicherungshalter B	3034
4. Mechatronik für Doppelkupplungsgetriebe, Sicherungshalter C	3035
5. Geber für Getriebeeingangsdrehzahl, Hydraulikdruckgeber für Getriebe, Mechatronik für Doppelkupplungsgetriebe, Motor für Hydraulikpumpe
3036
6. Wählhebel, Schalter für Wählhebel in P gesperrt, Mechatronik für Doppelkupplungsgetriebe, Magnet für Zündschlüsselabzugsperre
3037
7. Wählhebel, Mechatronik für Doppelkupplungsgetriebe, Magnet für Wählhebelsperre, Wählhebel-Positionsanzeige	3038
8. Wählhebel, Temperaturgeber im Steuergerät, Mechatronik für Doppelkupplungsgetriebe	3039
9. Mechatronik für Doppelkupplungsgetriebe, Steckverbindung, 16fach	3040
10. Schalttafeleinsatz, Wählhebel-Positionsanzeige	3041
280 - Doppelkupplungsgetriebe 0AM , CAXA,(7L6)	3042-3051
1. Doppelkupplungsgetriebe 0AM , CAXA,(7L6)	3042
2. Anlasser, Motorsteuergerät	3043
3. Sicherungshalter B	3044
4. Mechatronik für Doppelkupplungsgetriebe, Sicherungshalter C	3045
5. Geber für Getriebeeingangsdrehzahl, Hydraulikdruckgeber für Getriebe, Mechatronik für Doppelkupplungsgetriebe, Motor für Hydraulikpumpe
3046
6. Wählhebel, Schalter für Wählhebel in P gesperrt, Mechatronik für Doppelkupplungsgetriebe, Magnet für Zündschlüsselabzugsperre
3047
7. Wählhebel, Mechatronik für Doppelkupplungsgetriebe, Magnet für Wählhebelsperre, Wählhebel-Positionsanzeige	3048
8. Wählhebel, Temperaturgeber im Steuergerät, Mechatronik für Doppelkupplungsgetriebe	3049
9. Mechatronik für Doppelkupplungsgetriebe	3050
10. Schalttafeleinsatz, Wählhebel-Positionsanzeige	3051
281 - 6-Gang-Automatikgetriebe	3052-3060
1. 6-Gang-Automatikgetriebe	3052
2. Anlasser, Relais für Anlasssperre	3053
3. Steuergerät für automatisches Getriebe, Sicherungshalter A, Sicherungshalter B	3054
4. Multifunktionsschalter, Steuergerät für automatisches Getriebe	3055
5. Steuergerät für automatisches Getriebe, Magnetventil 1, Magnetventil 2, Magnetventil 3, Magnetventil 4, Magnetventil 5, Magnetventil 6, Magnetventil 9, Magnetventil 10
3056
6. Getriebeöltemperaturgeber, Geber für Getriebeausgangsdrehzahl, Geber für Getriebeeingangsdrehzahl, Steuergerät für automatisches Getriebe
3057
7. Schalter für Tiptronic, Schalter für Wählhebel in P gesperrt, Steuergerät für automatisches Getriebe, Magnet für Zündschlüsselabzugsperre
3058
8. Schalter für Tiptronic, Steuergerät für automatisches Getriebe, Magnet für Wählhebelsperre, Wählhebel-Positionsanzeige	3059
9. Geschwindigkeitsmesser, Steuergerät für automatisches Getriebe, Schalttafeleinsatz, Steckverbindung, 16fach, Wählhebel-Positionsanzeige
3060
282 - Nebelscheinwerfer , (8K9),(9C2)	3061-3062
1. Nebelscheinwerfer , (8K9),(9C2)	3061
2. Schalttafeleinsatz, Lampe für Nebelscheinwerfer links, Lampe für Nebelscheinwerfer rechts	3062
283 - Nebelscheinwerfer mit statischem Kurvenlicht , (8K9),(9C2)	3063-3064
1. Nebelscheinwerfer mit statischem Kurvenlicht , (8K9),(9C2)	3063
2. Schalttafeleinsatz, Lampe für Nebelscheinwerfer links, Lampe für Nebelscheinwerfer rechts	3064
284 - Multifunktionslenkrad , (7L6)	3065-3067
1. Multifunktionslenkrad , (7L6)	3065
2. Multifunktionstasten im Lenkrad links, Wickelfeder, Signalhornbetätigung, Steuergerät für elektronische Lenksäulenfunktionen
3066
3.	3067
285 - Drahtlose Datenübertragung , (EI9)	3068-3069
1. Drahtlose Datenübertragung , (EI9)	3068
2. Steuergerät für drahtlose Datenübertragung, Sicherungshalter B	3069
286 - CAN-Bus-Anteile-Vernetzung und Komfortsystem	3070-3078
1. CAN-Bus-Anteile-Vernetzung und Komfortsystem	3070
2. Bordnetzsteuergerät, Schalttafeleinsatz, Steckverbindung, 16fach	3071
3. Bordnetzsteuergerät	3072
4. Bordnetzsteuergerät	3073
5. Bordnetzsteuergerät	3074
6. Bordnetzsteuergerät	3075
7. Bordnetzsteuergerät	3076
8. Bordnetzsteuergerät	3077
9. Bordnetzsteuergerät	3078
801 - Einbauorte: Sicherungen - 3	3079-3130
1. Sicherungen	3079-3130
1.1 Übersicht der Sicherungen (nur für Fahrzeuge mit Linkslenker)	3079
1.2 Übersicht der Sicherungen (nur für Fahrzeuge mit Rechtslenker)	3080
1.3 Belegung der Sicherungen (SA) auf der Batterie (gilt nicht für Motorkennbuchstaben CAXA), ab Juli 2012	3081
1.3.1 Sicherungsbelegung (gilt nicht für Motorkennbuchstaben CAXA) ab Juli 2012	3081
1.4 Belegung der Sicherungen (SA) auf der Batterie (gilt für Motorkennbuchstaben CAXA), ab November 2012	3082-3083
